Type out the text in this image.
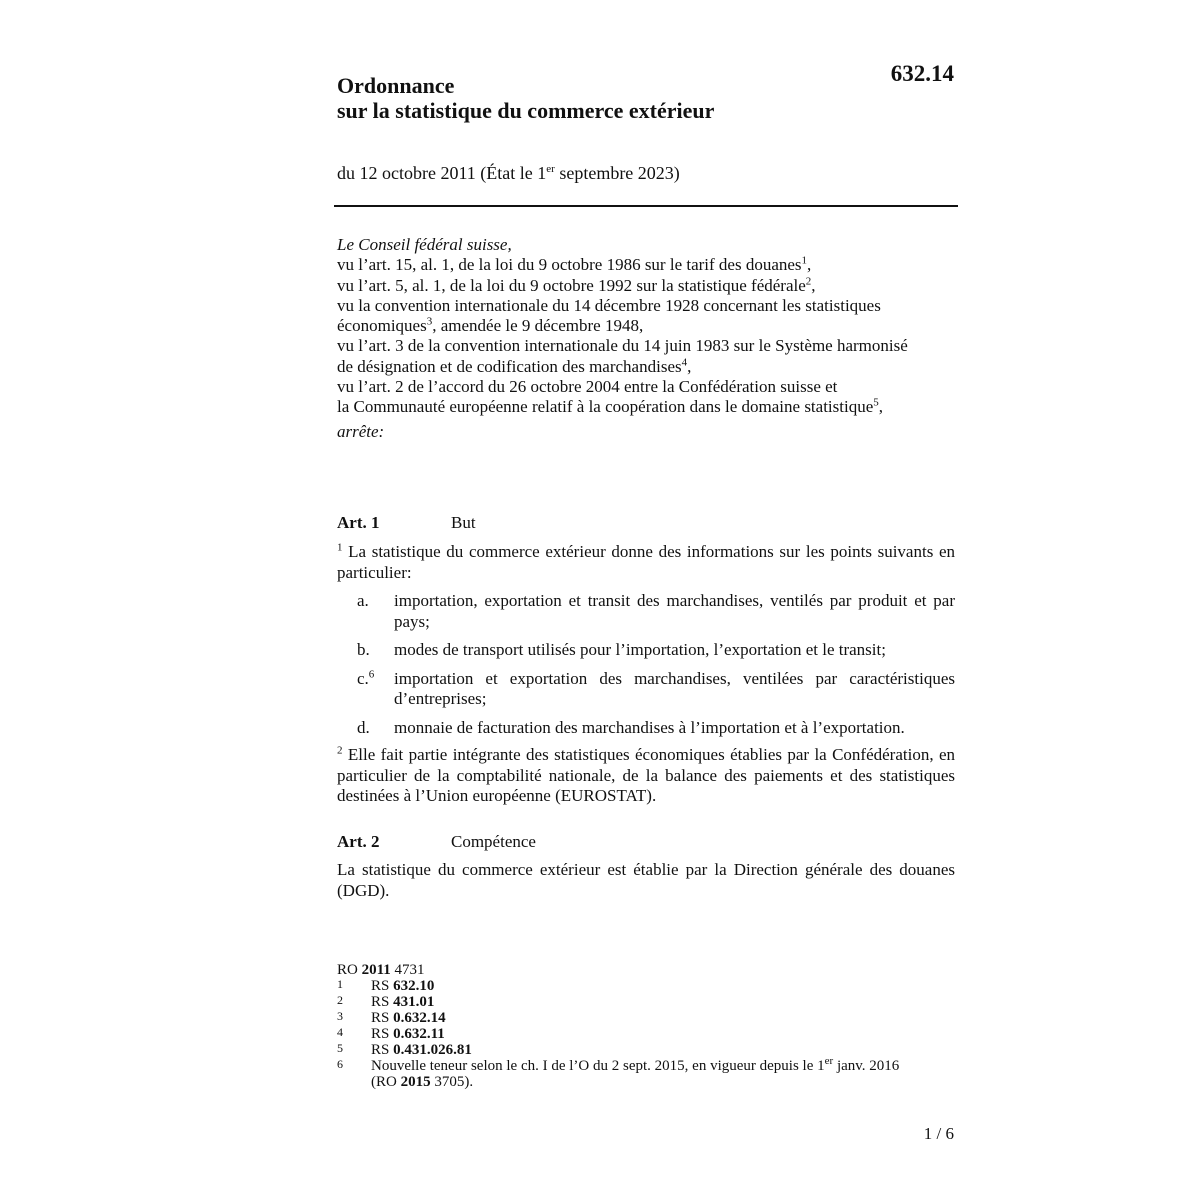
632.14
Ordonnance
sur la statistique du commerce extérieur
du 12 octobre 2011 (État le 1er septembre 2023)
Le Conseil fédéral suisse,
vu l’art. 15, al. 1, de la loi du 9 octobre 1986 sur le tarif des douanes$^1$,
vu l’art. 5, al. 1, de la loi du 9 octobre 1992 sur la statistique fédérale$^2$,
vu la convention internationale du 14 décembre 1928 concernant les statistiques
économiques$^3$, amendée le 9 décembre 1948,
vu l’art. 3 de la convention internationale du 14 juin 1983 sur le Système harmonisé
de désignation et de codification des marchandises$^4$,
vu l’art. 2 de l’accord du 26 octobre 2004 entre la Confédération suisse et
la Communauté européenne relatif à la coopération dans le domaine statistique$^5$,
arrête:
Art. 1	But
$^1$ La statistique du commerce extérieur donne des informations sur les points suivants en particulier:
a.	importation, exportation et transit des marchandises, ventilés par produit et par pays;
b.	modes de transport utilisés pour l’importation, l’exportation et le transit;
c.$^6$	importation et exportation des marchandises, ventilées par caractéristiques d’entreprises;
d.	monnaie de facturation des marchandises à l’importation et à l’exportation.
$^2$ Elle fait partie intégrante des statistiques économiques établies par la Confédération, en particulier de la comptabilité nationale, de la balance des paiements et des statistiques destinées à l’Union européenne (EUROSTAT).
Art. 2	Compétence
La statistique du commerce extérieur est établie par la Direction générale des douanes (DGD).
RO 2011 4731
1	RS 632.10
2	RS 431.01
3	RS 0.632.14
4	RS 0.632.11
5	RS 0.431.026.81
6	Nouvelle teneur selon le ch. I de l’O du 2 sept. 2015, en vigueur depuis le 1er janv. 2016
(RO 2015 3705).
1 / 6
